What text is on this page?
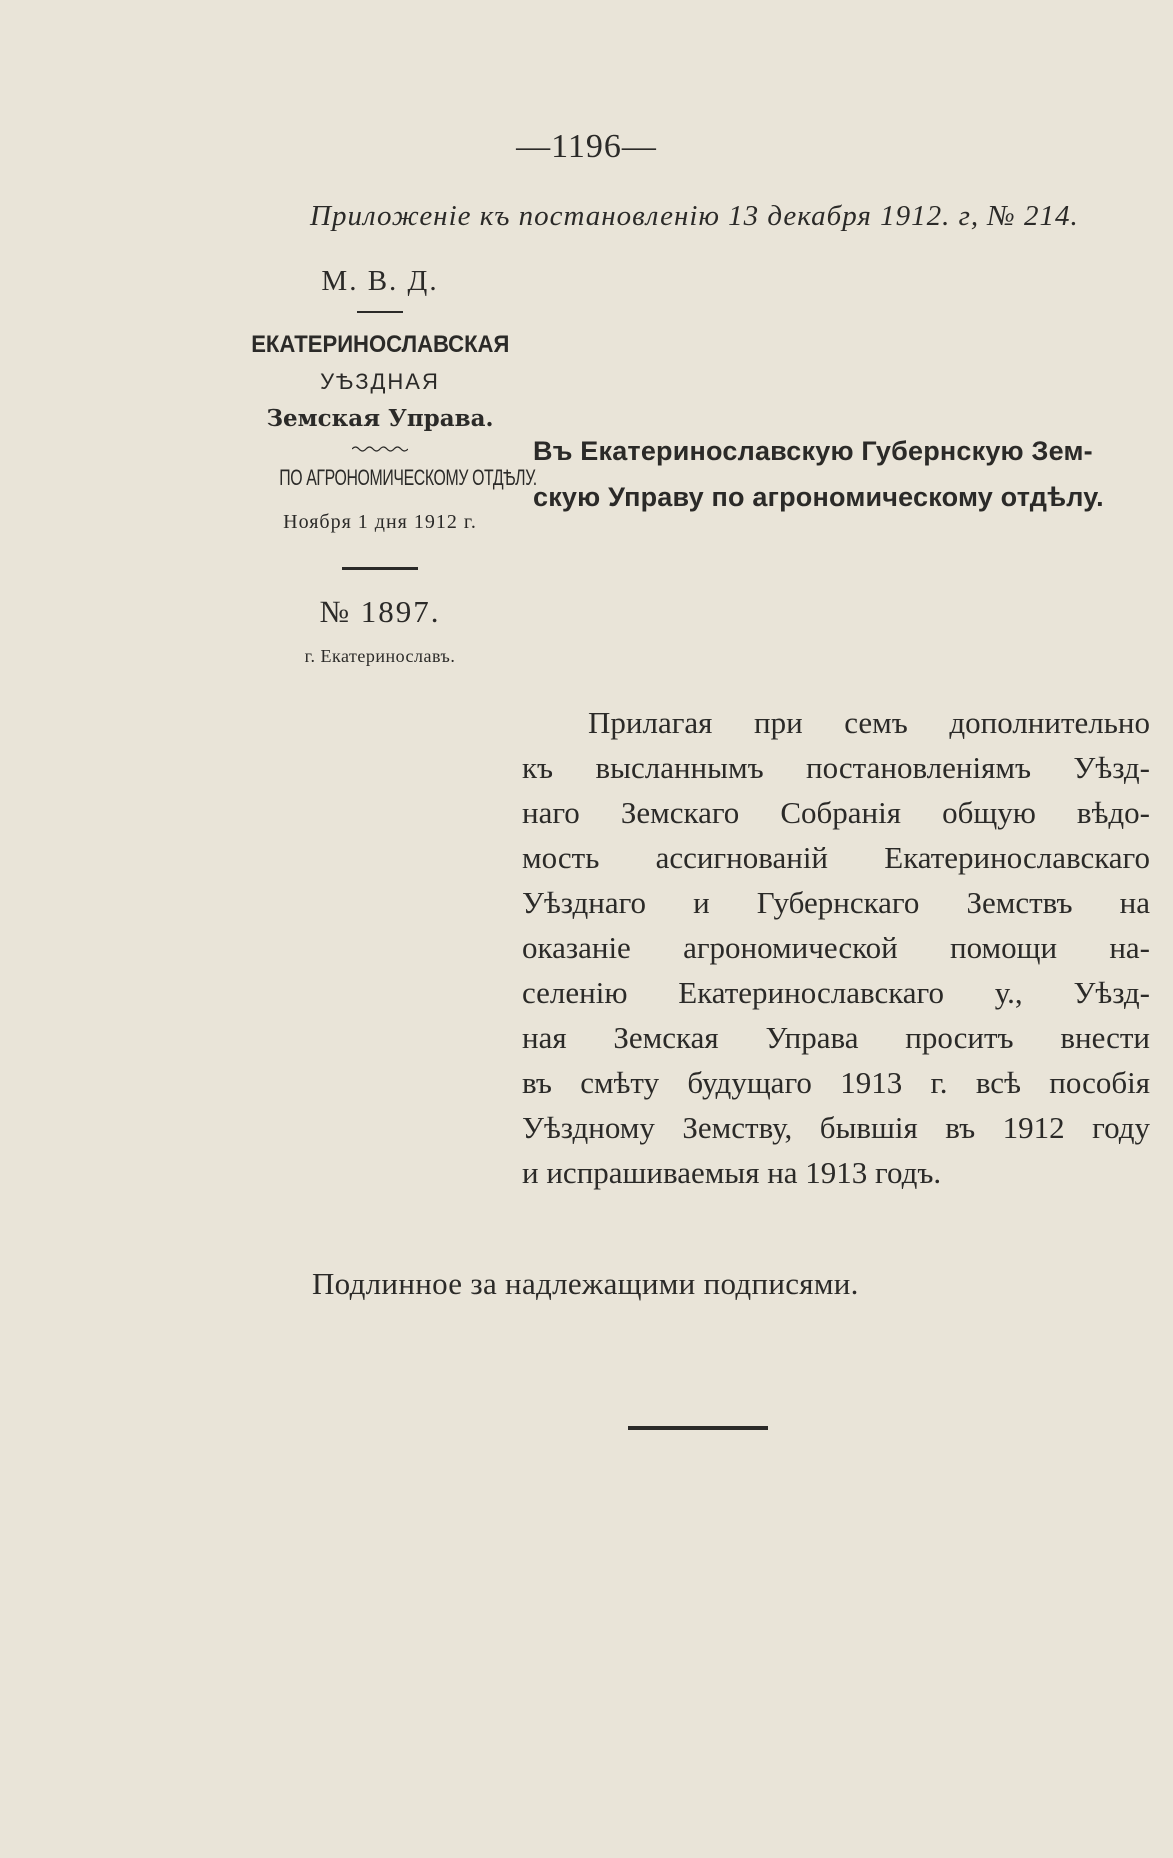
—1196—
Приложеніе къ постановленію 13 декабря 1912. г, № 214.
М. В. Д.
ЕКАТЕРИНОСЛАВСКАЯ
УѢЗДНАЯ
Земская Управа.
ПО АГРОНОМИЧЕСКОМУ ОТДѢЛУ.
Ноября 1 дня 1912 г.
№ 1897.
г. Екатеринославъ.
Въ Екатеринославскую Губернскую Зем-
скую Управу по агрономическому отдѣлу.
Прилагая при семъ дополнительно
къ высланнымъ постановленіямъ Уѣзд-
наго Земскаго Собранія общую вѣдо-
мость ассигнованій Екатеринославскаго
Уѣзднаго и Губернскаго Земствъ на
оказаніе агрономической помощи на-
селенію Екатеринославскаго у., Уѣзд-
ная Земская Управа проситъ внести
въ смѣту будущаго 1913 г. всѣ пособія
Уѣздному Земству, бывшія въ 1912 году
и испрашиваемыя на 1913 годъ.
Подлинное за надлежащими подписями.
